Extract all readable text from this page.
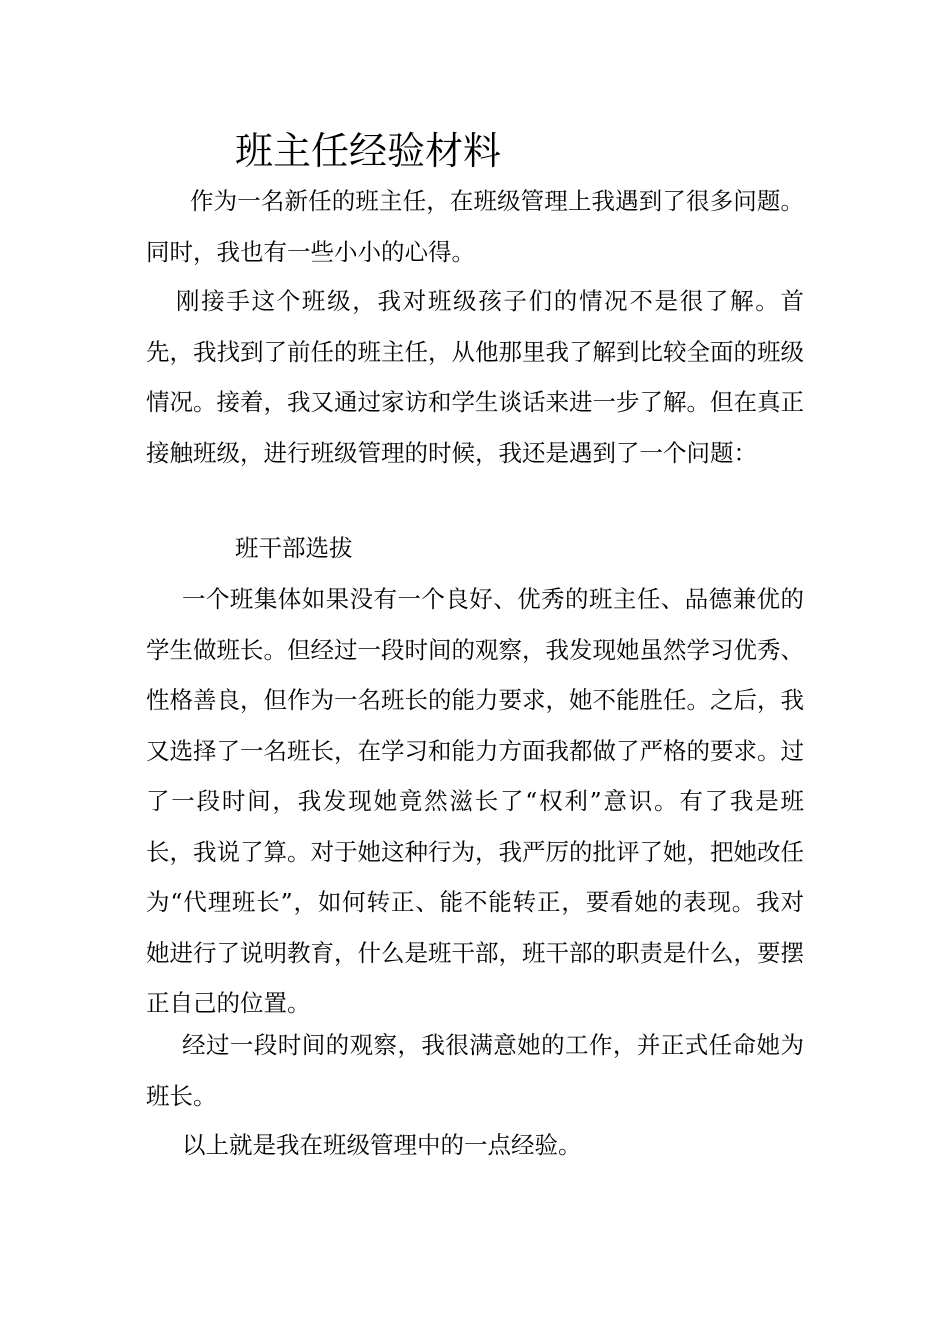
班主任经验材料

作为一名新任的班主任，在班级管理上我遇到了很多问题。同时，我也有一些小小的心得。

刚接手这个班级，我对班级孩子们的情况不是很了解。首先，我找到了前任的班主任，从他那里我了解到比较全面的班级情况。接着，我又通过家访和学生谈话来进一步了解。但在真正接触班级，进行班级管理的时候，我还是遇到了一个问题：

班干部选拔

一个班集体如果没有一个良好、优秀的班主任、品德兼优的学生做班长。但经过一段时间的观察，我发现她虽然学习优秀、性格善良，但作为一名班长的能力要求，她不能胜任。之后，我又选择了一名班长，在学习和能力方面我都做了严格的要求。过了一段时间，我发现她竟然滋长了“权利”意识。有了我是班长，我说了算。对于她这种行为，我严厉的批评了她，把她改任为“代理班长”，如何转正、能不能转正，要看她的表现。我对她进行了说明教育，什么是班干部，班干部的职责是什么，要摆正自己的位置。

经过一段时间的观察，我很满意她的工作，并正式任命她为班长。

以上就是我在班级管理中的一点经验。
